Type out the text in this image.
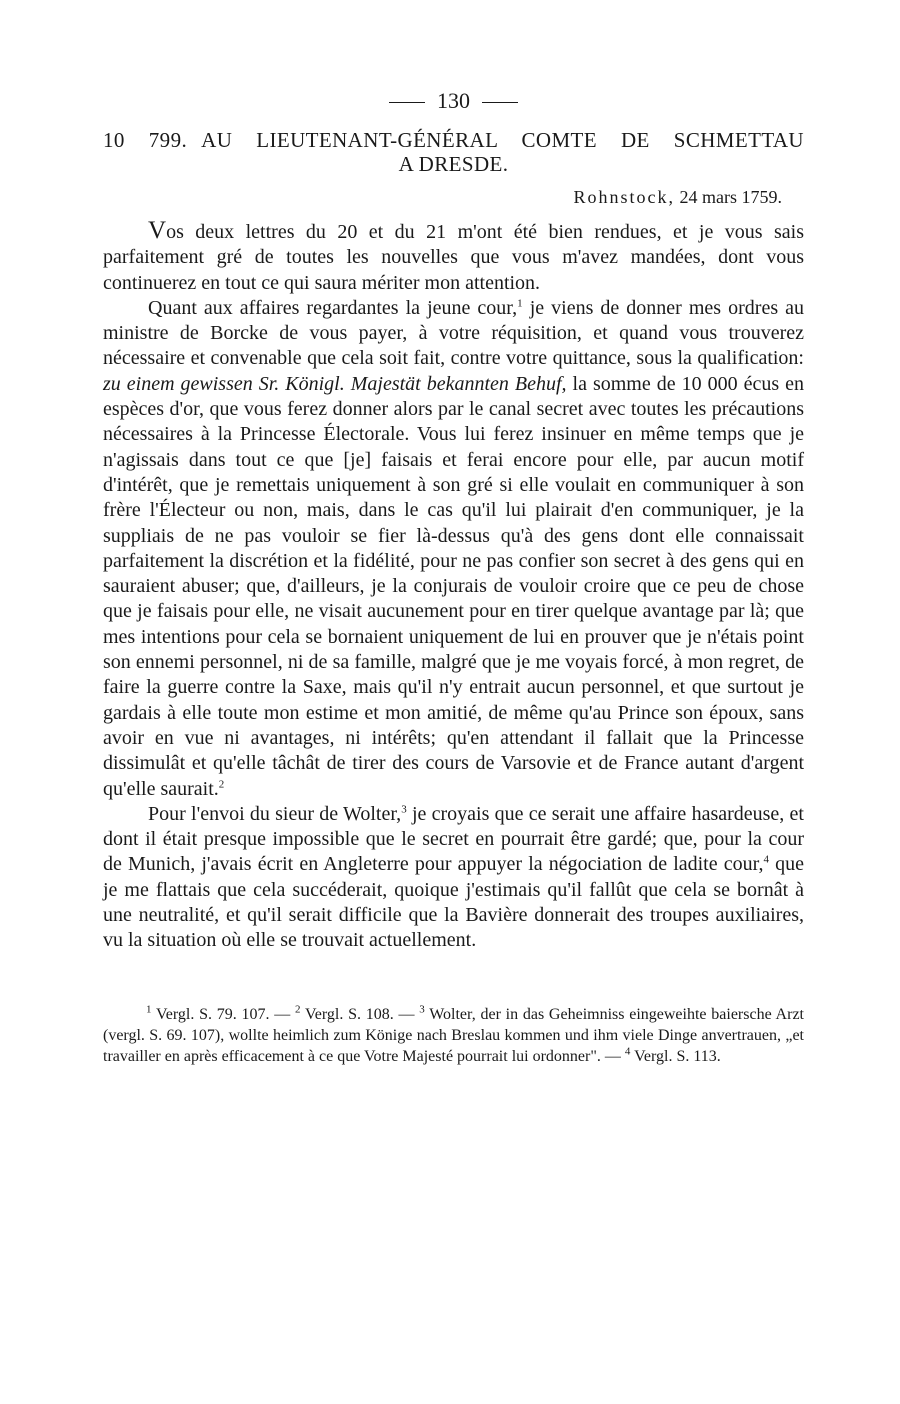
130
10 799. AU LIEUTENANT-GÉNÉRAL COMTE DE SCHMETTAU
A DRESDE.
Rohnstock, 24 mars 1759.

Vos deux lettres du 20 et du 21 m'ont été bien rendues, et je vous sais parfaitement gré de toutes les nouvelles que vous m'avez mandées, dont vous continuerez en tout ce qui saura mériter mon attention.

Quant aux affaires regardantes la jeune cour,$^1$ je viens de donner mes ordres au ministre de Borcke de vous payer, à votre réquisition, et quand vous trouverez nécessaire et convenable que cela soit fait, contre votre quittance, sous la qualification: zu einem gewissen Sr. Königl. Majestät bekannten Behuf, la somme de 10 000 écus en espèces d'or, que vous ferez donner alors par le canal secret avec toutes les précautions nécessaires à la Princesse Électorale. Vous lui ferez insinuer en même temps que je n'agissais dans tout ce que [je] faisais et ferai encore pour elle, par aucun motif d'intérêt, que je remettais uniquement à son gré si elle voulait en communiquer à son frère l'Électeur ou non, mais, dans le cas qu'il lui plairait d'en communiquer, je la suppliais de ne pas vouloir se fier là-dessus qu'à des gens dont elle connaissait parfaitement la discrétion et la fidélité, pour ne pas confier son secret à des gens qui en sauraient abuser; que, d'ailleurs, je la conjurais de vouloir croire que ce peu de chose que je faisais pour elle, ne visait aucunement pour en tirer quelque avantage par là; que mes intentions pour cela se bornaient uniquement de lui en prouver que je n'étais point son ennemi personnel, ni de sa famille, malgré que je me voyais forcé, à mon regret, de faire la guerre contre la Saxe, mais qu'il n'y entrait aucun personnel, et que surtout je gardais à elle toute mon estime et mon amitié, de même qu'au Prince son époux, sans avoir en vue ni avantages, ni intérêts; qu'en attendant il fallait que la Princesse dissimulât et qu'elle tâchât de tirer des cours de Varsovie et de France autant d'argent qu'elle saurait.$^2$

Pour l'envoi du sieur de Wolter,$^3$ je croyais que ce serait une affaire hasardeuse, et dont il était presque impossible que le secret en pourrait être gardé; que, pour la cour de Munich, j'avais écrit en Angleterre pour appuyer la négociation de ladite cour,$^4$ que je me flattais que cela succéderait, quoique j'estimais qu'il fallût que cela se bornât à une neutralité, et qu'il serait difficile que la Bavière donnerait des troupes auxiliaires, vu la situation où elle se trouvait actuellement.

$^1$ Vergl. S. 79. 107. — $^2$ Vergl. S. 108. — $^3$ Wolter, der in das Geheimniss eingeweihte baiersche Arzt (vergl. S. 69. 107), wollte heimlich zum Könige nach Breslau kommen und ihm viele Dinge anvertrauen, „et travailler en après efficacement à ce que Votre Majesté pourrait lui ordonner". — $^4$ Vergl. S. 113.
